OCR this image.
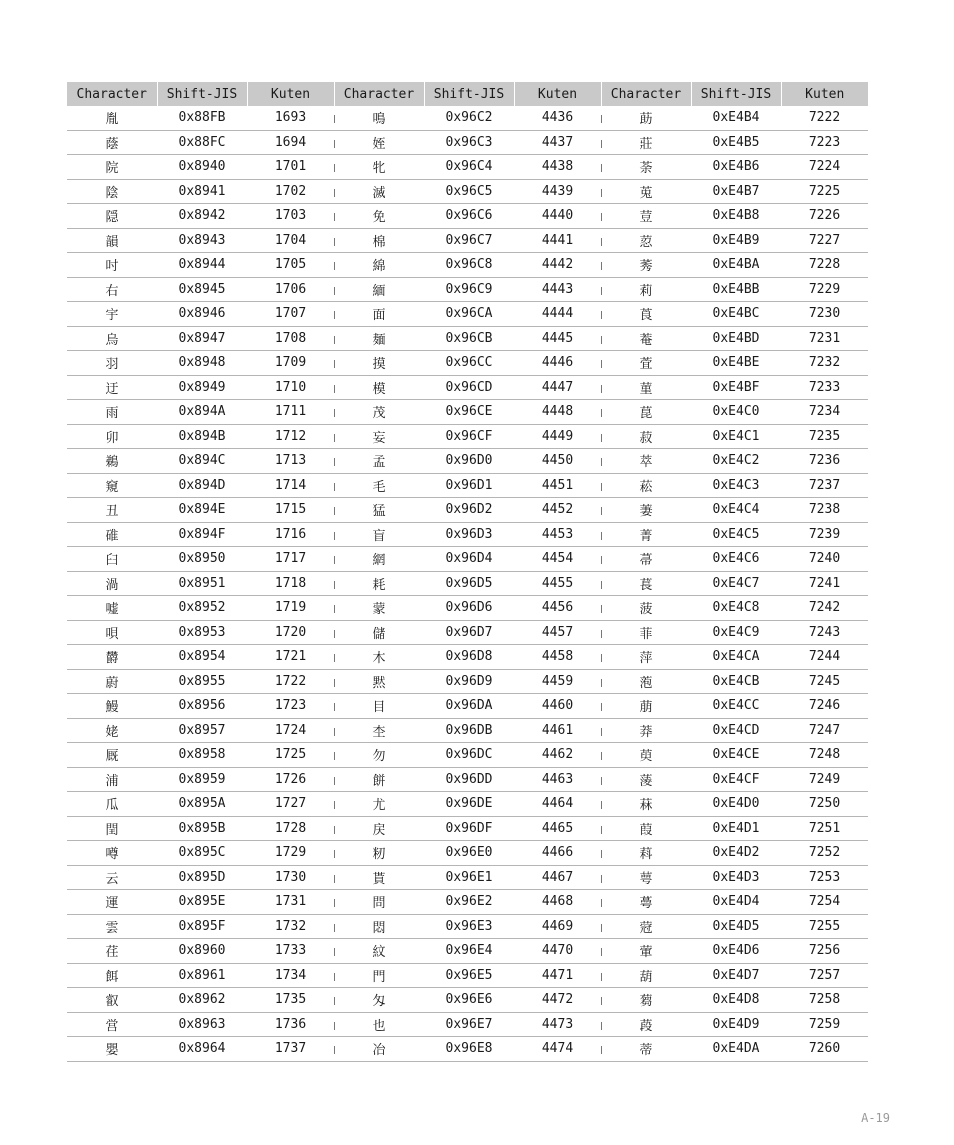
Character	Shift-JIS	Kuten	Character	Shift-JIS	Kuten	Character	Shift-JIS	Kuten
胤	0x88FB	1693	鳴	0x96C2	4436	莇	0xE4B4	7222
蔭	0x88FC	1694	姪	0x96C3	4437	莊	0xE4B5	7223
院	0x8940	1701	牝	0x96C4	4438	荼	0xE4B6	7224
陰	0x8941	1702	滅	0x96C5	4439	莵	0xE4B7	7225
隠	0x8942	1703	免	0x96C6	4440	荳	0xE4B8	7226
韻	0x8943	1704	棉	0x96C7	4441	荵	0xE4B9	7227
吋	0x8944	1705	綿	0x96C8	4442	莠	0xE4BA	7228
右	0x8945	1706	緬	0x96C9	4443	莉	0xE4BB	7229
宇	0x8946	1707	面	0x96CA	4444	莨	0xE4BC	7230
烏	0x8947	1708	麺	0x96CB	4445	菴	0xE4BD	7231
羽	0x8948	1709	摸	0x96CC	4446	萓	0xE4BE	7232
迂	0x8949	1710	模	0x96CD	4447	菫	0xE4BF	7233
雨	0x894A	1711	茂	0x96CE	4448	菎	0xE4C0	7234
卯	0x894B	1712	妄	0x96CF	4449	菽	0xE4C1	7235
鵜	0x894C	1713	孟	0x96D0	4450	萃	0xE4C2	7236
窺	0x894D	1714	毛	0x96D1	4451	菘	0xE4C3	7237
丑	0x894E	1715	猛	0x96D2	4452	萋	0xE4C4	7238
碓	0x894F	1716	盲	0x96D3	4453	菁	0xE4C5	7239
臼	0x8950	1717	網	0x96D4	4454	菷	0xE4C6	7240
渦	0x8951	1718	耗	0x96D5	4455	萇	0xE4C7	7241
嘘	0x8952	1719	蒙	0x96D6	4456	菠	0xE4C8	7242
唄	0x8953	1720	儲	0x96D7	4457	菲	0xE4C9	7243
欝	0x8954	1721	木	0x96D8	4458	萍	0xE4CA	7244
蔚	0x8955	1722	黙	0x96D9	4459	萢	0xE4CB	7245
鰻	0x8956	1723	目	0x96DA	4460	萠	0xE4CC	7246
姥	0x8957	1724	杢	0x96DB	4461	莽	0xE4CD	7247
厩	0x8958	1725	勿	0x96DC	4462	萸	0xE4CE	7248
浦	0x8959	1726	餅	0x96DD	4463	蔆	0xE4CF	7249
瓜	0x895A	1727	尤	0x96DE	4464	菻	0xE4D0	7250
閏	0x895B	1728	戻	0x96DF	4465	葭	0xE4D1	7251
噂	0x895C	1729	籾	0x96E0	4466	萪	0xE4D2	7252
云	0x895D	1730	貰	0x96E1	4467	萼	0xE4D3	7253
運	0x895E	1731	問	0x96E2	4468	蕚	0xE4D4	7254
雲	0x895F	1732	悶	0x96E3	4469	蒄	0xE4D5	7255
荏	0x8960	1733	紋	0x96E4	4470	葷	0xE4D6	7256
餌	0x8961	1734	門	0x96E5	4471	葫	0xE4D7	7257
叡	0x8962	1735	匁	0x96E6	4472	蒭	0xE4D8	7258
営	0x8963	1736	也	0x96E7	4473	葮	0xE4D9	7259
嬰	0x8964	1737	冶	0x96E8	4474	蒂	0xE4DA	7260
A-19
